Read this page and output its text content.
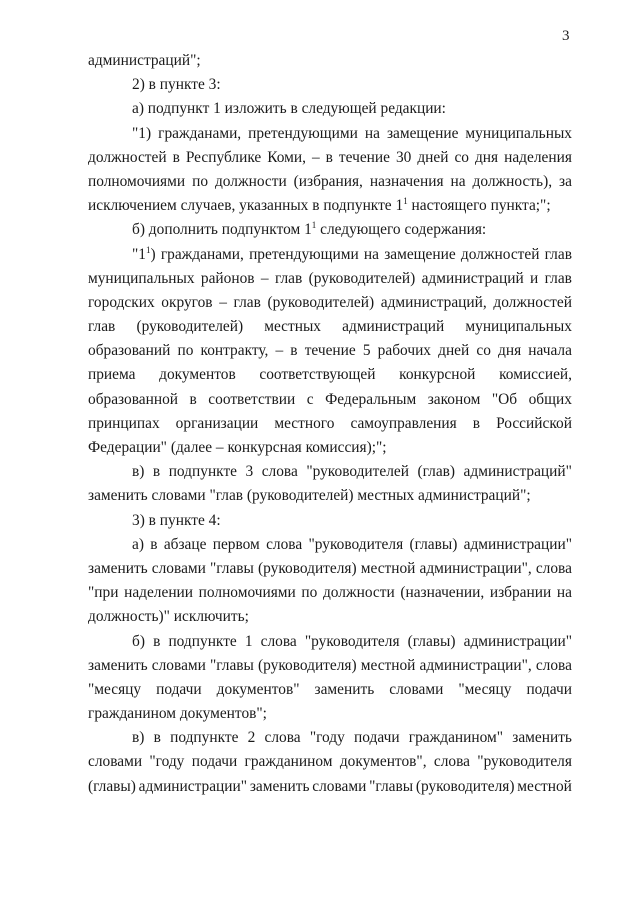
3
администраций";
2) в пункте 3:
а) подпункт 1 изложить в следующей редакции:
"1) гражданами, претендующими на замещение муниципальных
должностей в Республике Коми, – в течение 30 дней со дня наделения
полномочиями по должности (избрания, назначения на должность), за
исключением случаев, указанных в подпункте $1^1$ настоящего пункта;";
б) дополнить подпунктом $1^1$ следующего содержания:
"$1^1$) гражданами, претендующими на замещение должностей глав
муниципальных районов – глав (руководителей) администраций и глав
городских округов – глав (руководителей) администраций, должностей
глав (руководителей) местных администраций муниципальных
образований по контракту, – в течение 5 рабочих дней со дня начала
приема документов соответствующей конкурсной комиссией,
образованной в соответствии с Федеральным законом "Об общих
принципах организации местного самоуправления в Российской
Федерации" (далее – конкурсная комиссия);";
в) в подпункте 3 слова "руководителей (глав) администраций"
заменить словами "глав (руководителей) местных администраций";
3) в пункте 4:
а) в абзаце первом слова "руководителя (главы) администрации"
заменить словами "главы (руководителя) местной администрации", слова
"при наделении полномочиями по должности (назначении, избрании на
должность)" исключить;
б) в подпункте 1 слова "руководителя (главы) администрации"
заменить словами "главы (руководителя) местной администрации", слова
"месяцу подачи документов" заменить словами "месяцу подачи
гражданином документов";
в) в подпункте 2 слова "году подачи гражданином" заменить
словами "году подачи гражданином документов", слова "руководителя
(главы) администрации" заменить словами "главы (руководителя) местной
